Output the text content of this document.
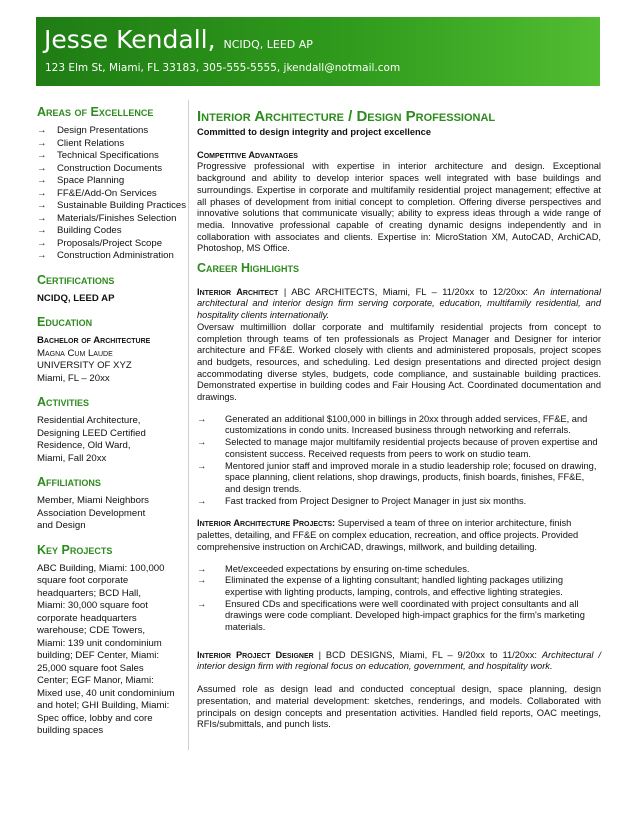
Jesse Kendall, NCIDQ, LEED AP
123 Elm St, Miami, FL 33183, 305-555-5555, jkendall@notmail.com
Areas of Excellence
→ Design Presentations
→ Client Relations
→ Technical Specifications
→ Construction Documents
→ Space Planning
→ FF&E/Add-On Services
→ Sustainable Building Practices
→ Materials/Finishes Selection
→ Building Codes
→ Proposals/Project Scope
→ Construction Administration
Certifications
NCIDQ, LEED AP
Education
Bachelor of Architecture
Magna Cum Laude
UNIVERSITY OF XYZ
Miami, FL – 20xx
Activities
Residential Architecture,
Designing LEED Certified
Residence, Old Ward,
Miami, Fall 20xx
Affiliations
Member, Miami Neighbors
Association Development
and Design
Key Projects
ABC Building, Miami: 100,000
square foot corporate
headquarters; BCD Hall,
Miami: 30,000 square foot
corporate headquarters
warehouse; CDE Towers,
Miami: 139 unit condominium
building; DEF Center, Miami:
25,000 square foot Sales
Center; EGF Manor, Miami:
Mixed use, 40 unit condominium
and hotel; GHI Building, Miami:
Spec office, lobby and core
building spaces
Interior Architecture / Design Professional
Committed to design integrity and project excellence
Competitive Advantages

Progressive professional with expertise in interior architecture and design. Exceptional background and ability to develop interior spaces well integrated with base buildings and surroundings. Expertise in corporate and multifamily residential project management; effective at all phases of development from initial concept to completion. Offering diverse perspectives and innovative solutions that communicate visually; ability to express ideas through a wide range of media. Innovative professional capable of creating dynamic designs independently and in collaboration with associates and clients. Expertise in: MicroStation XM, AutoCAD, ArchiCAD, Photoshop, MS Office.

Career Highlights

Interior Architect | ABC ARCHITECTS, Miami, FL – 11/20xx to 12/20xx: An international architectural and interior design firm serving corporate, education, multifamily residential, and hospitality clients internationally.

Oversaw multimillion dollar corporate and multifamily residential projects from concept to completion through teams of ten professionals as Project Manager and Designer for interior architecture and FF&E. Worked closely with clients and administered proposals, project scopes and budgets, resources, and scheduling. Led design presentations and directed project design accommodating diverse styles, budgets, code compliance, and sustainable building practices. Demonstrated expertise in building codes and Fair Housing Act. Coordinated documentation and drawings.

→ Generated an additional $100,000 in billings in 20xx through added services, FF&E, and customizations in condo units. Increased business through networking and referrals.
→ Selected to manage major multifamily residential projects because of proven expertise and consistent success. Received requests from peers to work on studio team.
→ Mentored junior staff and improved morale in a studio leadership role; focused on drawing, space planning, client relations, shop drawings, products, finish boards, finishes, FF&E, and design trends.
→ Fast tracked from Project Designer to Project Manager in just six months.

Interior Architecture Projects: Supervised a team of three on interior architecture, finish palettes, detailing, and FF&E on complex education, recreation, and office projects. Provided comprehensive instruction on ArchiCAD, drawings, millwork, and building detailing.

→ Met/exceeded expectations by ensuring on-time schedules.
→ Eliminated the expense of a lighting consultant; handled lighting packages utilizing expertise with lighting products, lamping, controls, and effective lighting strategies.
→ Ensured CDs and specifications were well coordinated with project consultants and all drawings were code compliant. Developed high-impact graphics for the firm's marketing materials.

Interior Project Designer | BCD DESIGNS, Miami, FL – 9/20xx to 11/20xx: Architectural / interior design firm with regional focus on education, government, and hospitality work.

Assumed role as design lead and conducted conceptual design, space planning, design presentation, and material development: sketches, renderings, and models. Collaborated with principals on design concepts and presentation activities. Handled field reports, OAC meetings, RFIs/submittals, and punch lists.
